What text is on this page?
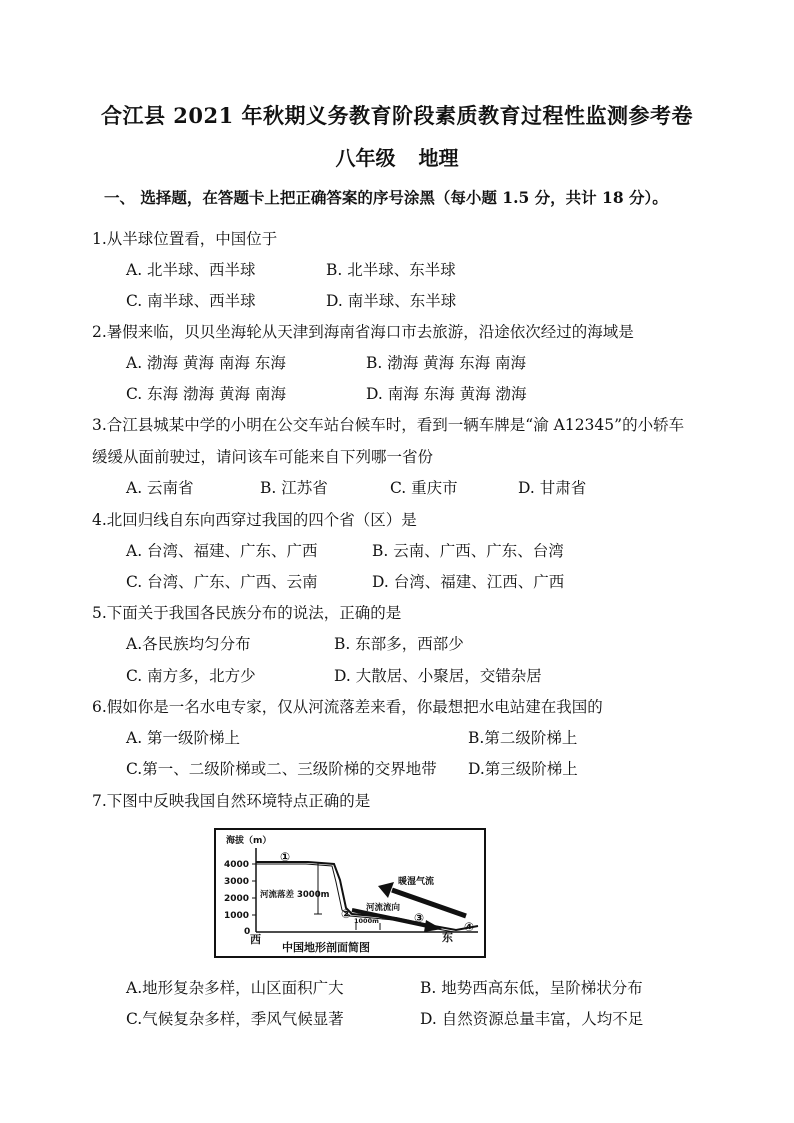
合江县 2021 年秋期义务教育阶段素质教育过程性监测参考卷
八年级 地理
一、 选择题，在答题卡上把正确答案的序号涂黑（每小题 1.5 分，共计 18 分）。
1.从半球位置看，中国位于
A. 北半球、西半球	B. 北半球、东半球
C. 南半球、西半球	D. 南半球、东半球
2.暑假来临，贝贝坐海轮从天津到海南省海口市去旅游，沿途依次经过的海域是
A. 渤海 黄海 南海 东海	B. 渤海 黄海 东海 南海
C. 东海 渤海 黄海 南海	D. 南海 东海 黄海 渤海
3.合江县城某中学的小明在公交车站台候车时，看到一辆车牌是“渝 A12345”的小轿车
缓缓从面前驶过，请问该车可能来自下列哪一省份
A. 云南省	B. 江苏省	C. 重庆市	D. 甘肃省
4.北回归线自东向西穿过我国的四个省（区）是
A. 台湾、福建、广东、广西	B. 云南、广西、广东、台湾
C. 台湾、广东、广西、云南	D. 台湾、福建、江西、广西
5.下面关于我国各民族分布的说法，正确的是
A.各民族均匀分布	B. 东部多，西部少
C. 南方多，北方少	D. 大散居、小聚居，交错杂居
6.假如你是一名水电专家，仅从河流落差来看，你最想把水电站建在我国的
A. 第一级阶梯上	B.第二级阶梯上
C.第一、二级阶梯或二、三级阶梯的交界地带 D.第三级阶梯上
7.下图中反映我国自然环境特点正确的是
海拔（m）
4000
3000
2000
1000
0
河流落差 3000m
河流流向
暖湿气流
1000m
①
②	③
④
西	东
中国地形剖面简图
A.地形复杂多样，山区面积广大	B. 地势西高东低，呈阶梯状分布
C.气候复杂多样，季风气候显著	D. 自然资源总量丰富，人均不足
